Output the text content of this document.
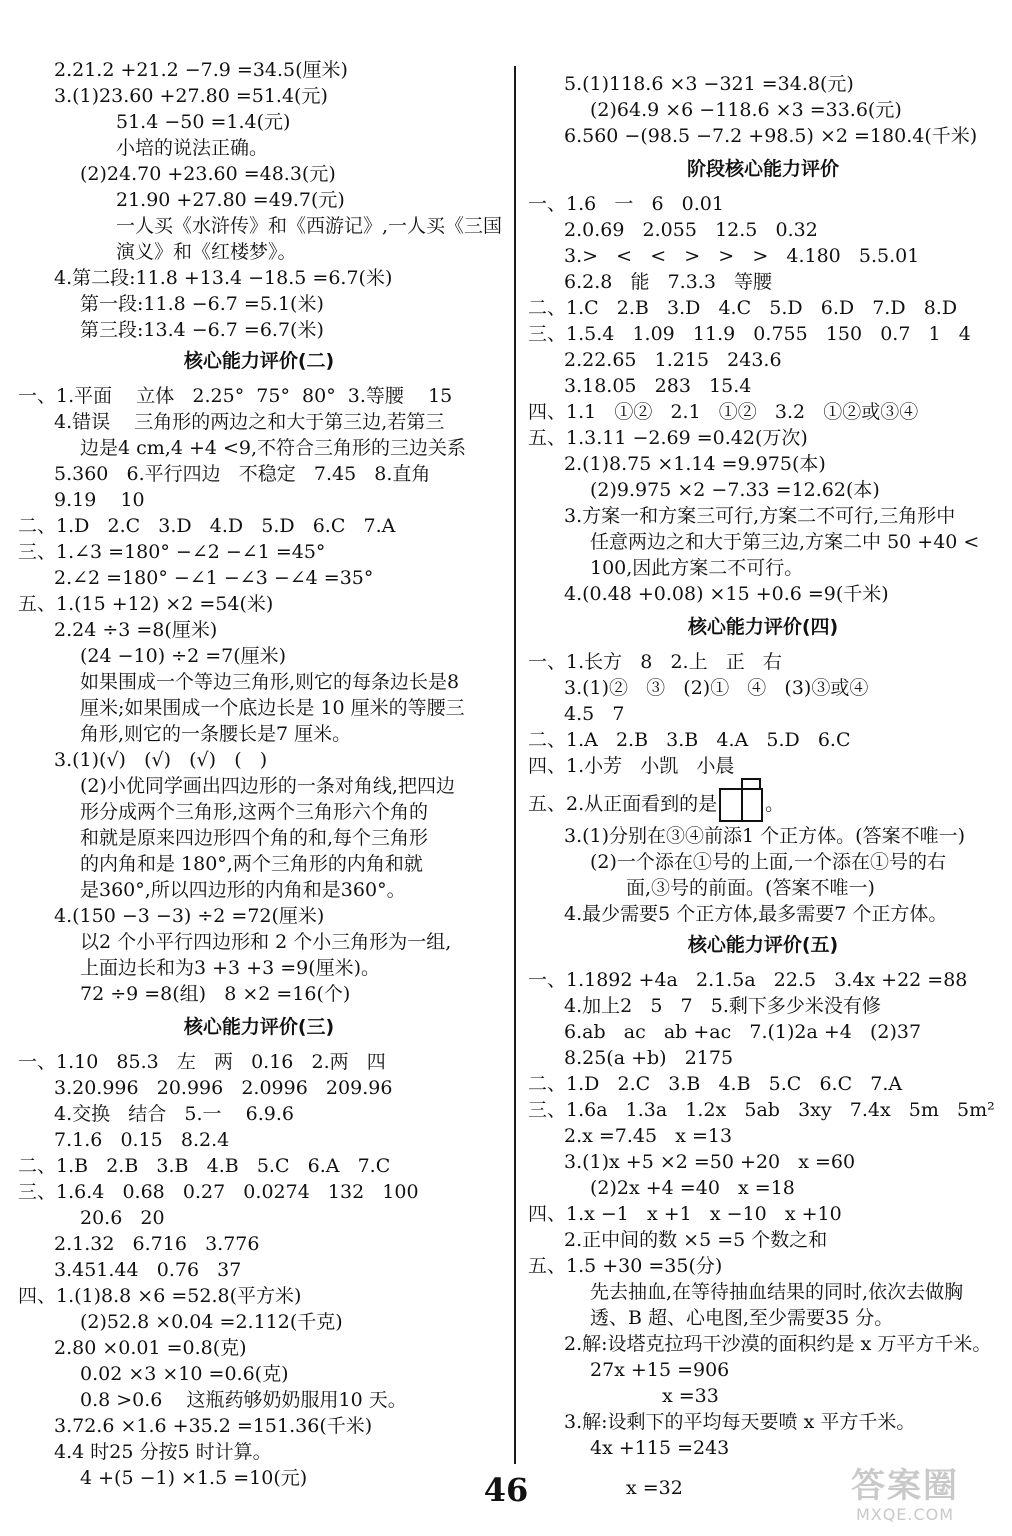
2.21.2 +21.2 −7.9 =34.5(厘米)
3.(1)23.60 +27.80 =51.4(元)
51.4 −50 =1.4(元)
小培的说法正确。
(2)24.70 +23.60 =48.3(元)
21.90 +27.80 =49.7(元)
一人买《水浒传》和《西游记》,一人买《三国
演义》和《红楼梦》。
4.第二段:11.8 +13.4 −18.5 =6.7(米)
第一段:11.8 −6.7 =5.1(米)
第三段:13.4 −6.7 =6.7(米)
核心能力评价(二)
一、1.平面    立体   2.25°  75°  80°  3.等腰    15
4.错误    三角形的两边之和大于第三边,若第三
边是4 cm,4 +4 <9,不符合三角形的三边关系
5.360   6.平行四边   不稳定   7.45   8.直角
9.19    10
二、1.D   2.C   3.D   4.D   5.D   6.C   7.A
三、1.∠3 =180° −∠2 −∠1 =45°
2.∠2 =180° −∠1 −∠3 −∠4 =35°
五、1.(15 +12) ×2 =54(米)
2.24 ÷3 =8(厘米)
(24 −10) ÷2 =7(厘米)
如果围成一个等边三角形,则它的每条边长是8
厘米;如果围成一个底边长是 10 厘米的等腰三
角形,则它的一条腰长是7 厘米。
3.(1)(√)   (√)   (√)   (   )
(2)小优同学画出四边形的一条对角线,把四边
形分成两个三角形,这两个三角形六个角的
和就是原来四边形四个角的和,每个三角形
的内角和是 180°,两个三角形的内角和就
是360°,所以四边形的内角和是360°。
4.(150 −3 −3) ÷2 =72(厘米)
以2 个小平行四边形和 2 个小三角形为一组,
上面边长和为3 +3 +3 =9(厘米)。
72 ÷9 =8(组)   8 ×2 =16(个)
核心能力评价(三)
一、1.10   85.3   左   两   0.16   2.两   四
3.20.996   20.996   2.0996   209.96
4.交换   结合   5.一    6.9.6
7.1.6   0.15   8.2.4
二、1.B   2.B   3.B   4.B   5.C   6.A   7.C
三、1.6.4   0.68   0.27   0.0274   132   100
20.6   20
2.1.32   6.716   3.776
3.451.44   0.76   37
四、1.(1)8.8 ×6 =52.8(平方米)
(2)52.8 ×0.04 =2.112(千克)
2.80 ×0.01 =0.8(克)
0.02 ×3 ×10 =0.6(克)
0.8 >0.6    这瓶药够奶奶服用10 天。
3.72.6 ×1.6 +35.2 =151.36(千米)
4.4 时25 分按5 时计算。
4 +(5 −1) ×1.5 =10(元)
5.(1)118.6 ×3 −321 =34.8(元)
(2)64.9 ×6 −118.6 ×3 =33.6(元)
6.560 −(98.5 −7.2 +98.5) ×2 =180.4(千米)
阶段核心能力评价
一、1.6   一   6   0.01
2.0.69   2.055   12.5   0.32
3.>   <   <   >   >   >   4.180   5.5.01
6.2.8   能   7.3.3   等腰
二、1.C   2.B   3.D   4.C   5.D   6.D   7.D   8.D
三、1.5.4   1.09   11.9   0.755   150   0.7   1   4
2.22.65   1.215   243.6
3.18.05   283   15.4
四、1.1   ①②   2.1   ①②   3.2   ①②或③④
五、1.3.11 −2.69 =0.42(万次)
2.(1)8.75 ×1.14 =9.975(本)
(2)9.975 ×2 −7.33 =12.62(本)
3.方案一和方案三可行,方案二不可行,三角形中
任意两边之和大于第三边,方案二中 50 +40 <
100,因此方案二不可行。
4.(0.48 +0.08) ×15 +0.6 =9(千米)
核心能力评价(四)
一、1.长方   8   2.上   正   右
3.(1)②   ③   (2)①   ④   (3)③或④
4.5   7
二、1.A   2.B   3.B   4.A   5.D   6.C
四、1.小芳   小凯   小晨
五、2.从正面看到的是	。
3.(1)分别在③④前添1 个正方体。(答案不唯一)
(2)一个添在①号的上面,一个添在①号的右
面,③号的前面。(答案不唯一)
4.最少需要5 个正方体,最多需要7 个正方体。
核心能力评价(五)
一、1.1892 +4a   2.1.5a   22.5   3.4x +22 =88
4.加上2   5   7   5.剩下多少米没有修
6.ab   ac   ab +ac   7.(1)2a +4   (2)37
8.25(a +b)   2175
二、1.D   2.C   3.B   4.B   5.C   6.C   7.A
三、1.6a   1.3a   1.2x   5ab   3xy   7.4x   5m   5m²
2.x =7.45   x =13
3.(1)x +5 ×2 =50 +20   x =60
(2)2x +4 =40   x =18
四、1.x −1   x +1   x −10   x +10
2.正中间的数 ×5 =5 个数之和
五、1.5 +30 =35(分)
先去抽血,在等待抽血结果的同时,依次去做胸
透、B 超、心电图,至少需要35 分。
2.解:设塔克拉玛干沙漠的面积约是 x 万平方千米。
27x +15 =906
x =33
3.解:设剩下的平均每天要喷 x 平方千米。
4x +115 =243
x =32
46	答案圈
MXQE.COM
